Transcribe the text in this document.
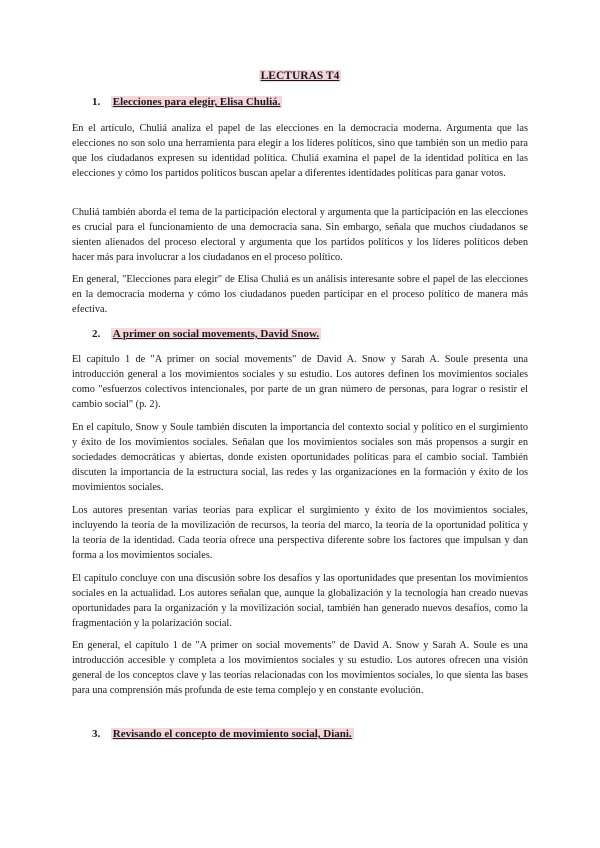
LECTURAS T4
1. Elecciones para elegir, Elisa Chuliá.

En el artículo, Chuliá analiza el papel de las elecciones en la democracia moderna. Argumenta que las elecciones no son solo una herramienta para elegir a los líderes políticos, sino que también son un medio para que los ciudadanos expresen su identidad política. Chuliá examina el papel de la identidad política en las elecciones y cómo los partidos políticos buscan apelar a diferentes identidades políticas para ganar votos.

Chuliá también aborda el tema de la participación electoral y argumenta que la participación en las elecciones es crucial para el funcionamiento de una democracia sana. Sin embargo, señala que muchos ciudadanos se sienten alienados del proceso electoral y argumenta que los partidos políticos y los líderes políticos deben hacer más para involucrar a los ciudadanos en el proceso político.

En general, "Elecciones para elegir" de Elisa Chuliá es un análisis interesante sobre el papel de las elecciones en la democracia moderna y cómo los ciudadanos pueden participar en el proceso político de manera más efectiva.

2. A primer on social movements, David Snow.

El capítulo 1 de "A primer on social movements" de David A. Snow y Sarah A. Soule presenta una introducción general a los movimientos sociales y su estudio. Los autores definen los movimientos sociales como "esfuerzos colectivos intencionales, por parte de un gran número de personas, para lograr o resistir el cambio social" (p. 2).

En el capítulo, Snow y Soule también discuten la importancia del contexto social y político en el surgimiento y éxito de los movimientos sociales. Señalan que los movimientos sociales son más propensos a surgir en sociedades democráticas y abiertas, donde existen oportunidades políticas para el cambio social. También discuten la importancia de la estructura social, las redes y las organizaciones en la formación y éxito de los movimientos sociales.

Los autores presentan varias teorías para explicar el surgimiento y éxito de los movimientos sociales, incluyendo la teoría de la movilización de recursos, la teoría del marco, la teoría de la oportunidad política y la teoría de la identidad. Cada teoría ofrece una perspectiva diferente sobre los factores que impulsan y dan forma a los movimientos sociales.

El capítulo concluye con una discusión sobre los desafíos y las oportunidades que presentan los movimientos sociales en la actualidad. Los autores señalan que, aunque la globalización y la tecnología han creado nuevas oportunidades para la organización y la movilización social, también han generado nuevos desafíos, como la fragmentación y la polarización social.

En general, el capítulo 1 de "A primer on social movements" de David A. Snow y Sarah A. Soule es una introducción accesible y completa a los movimientos sociales y su estudio. Los autores ofrecen una visión general de los conceptos clave y las teorías relacionadas con los movimientos sociales, lo que sienta las bases para una comprensión más profunda de este tema complejo y en constante evolución.

3. Revisando el concepto de movimiento social, Diani.
